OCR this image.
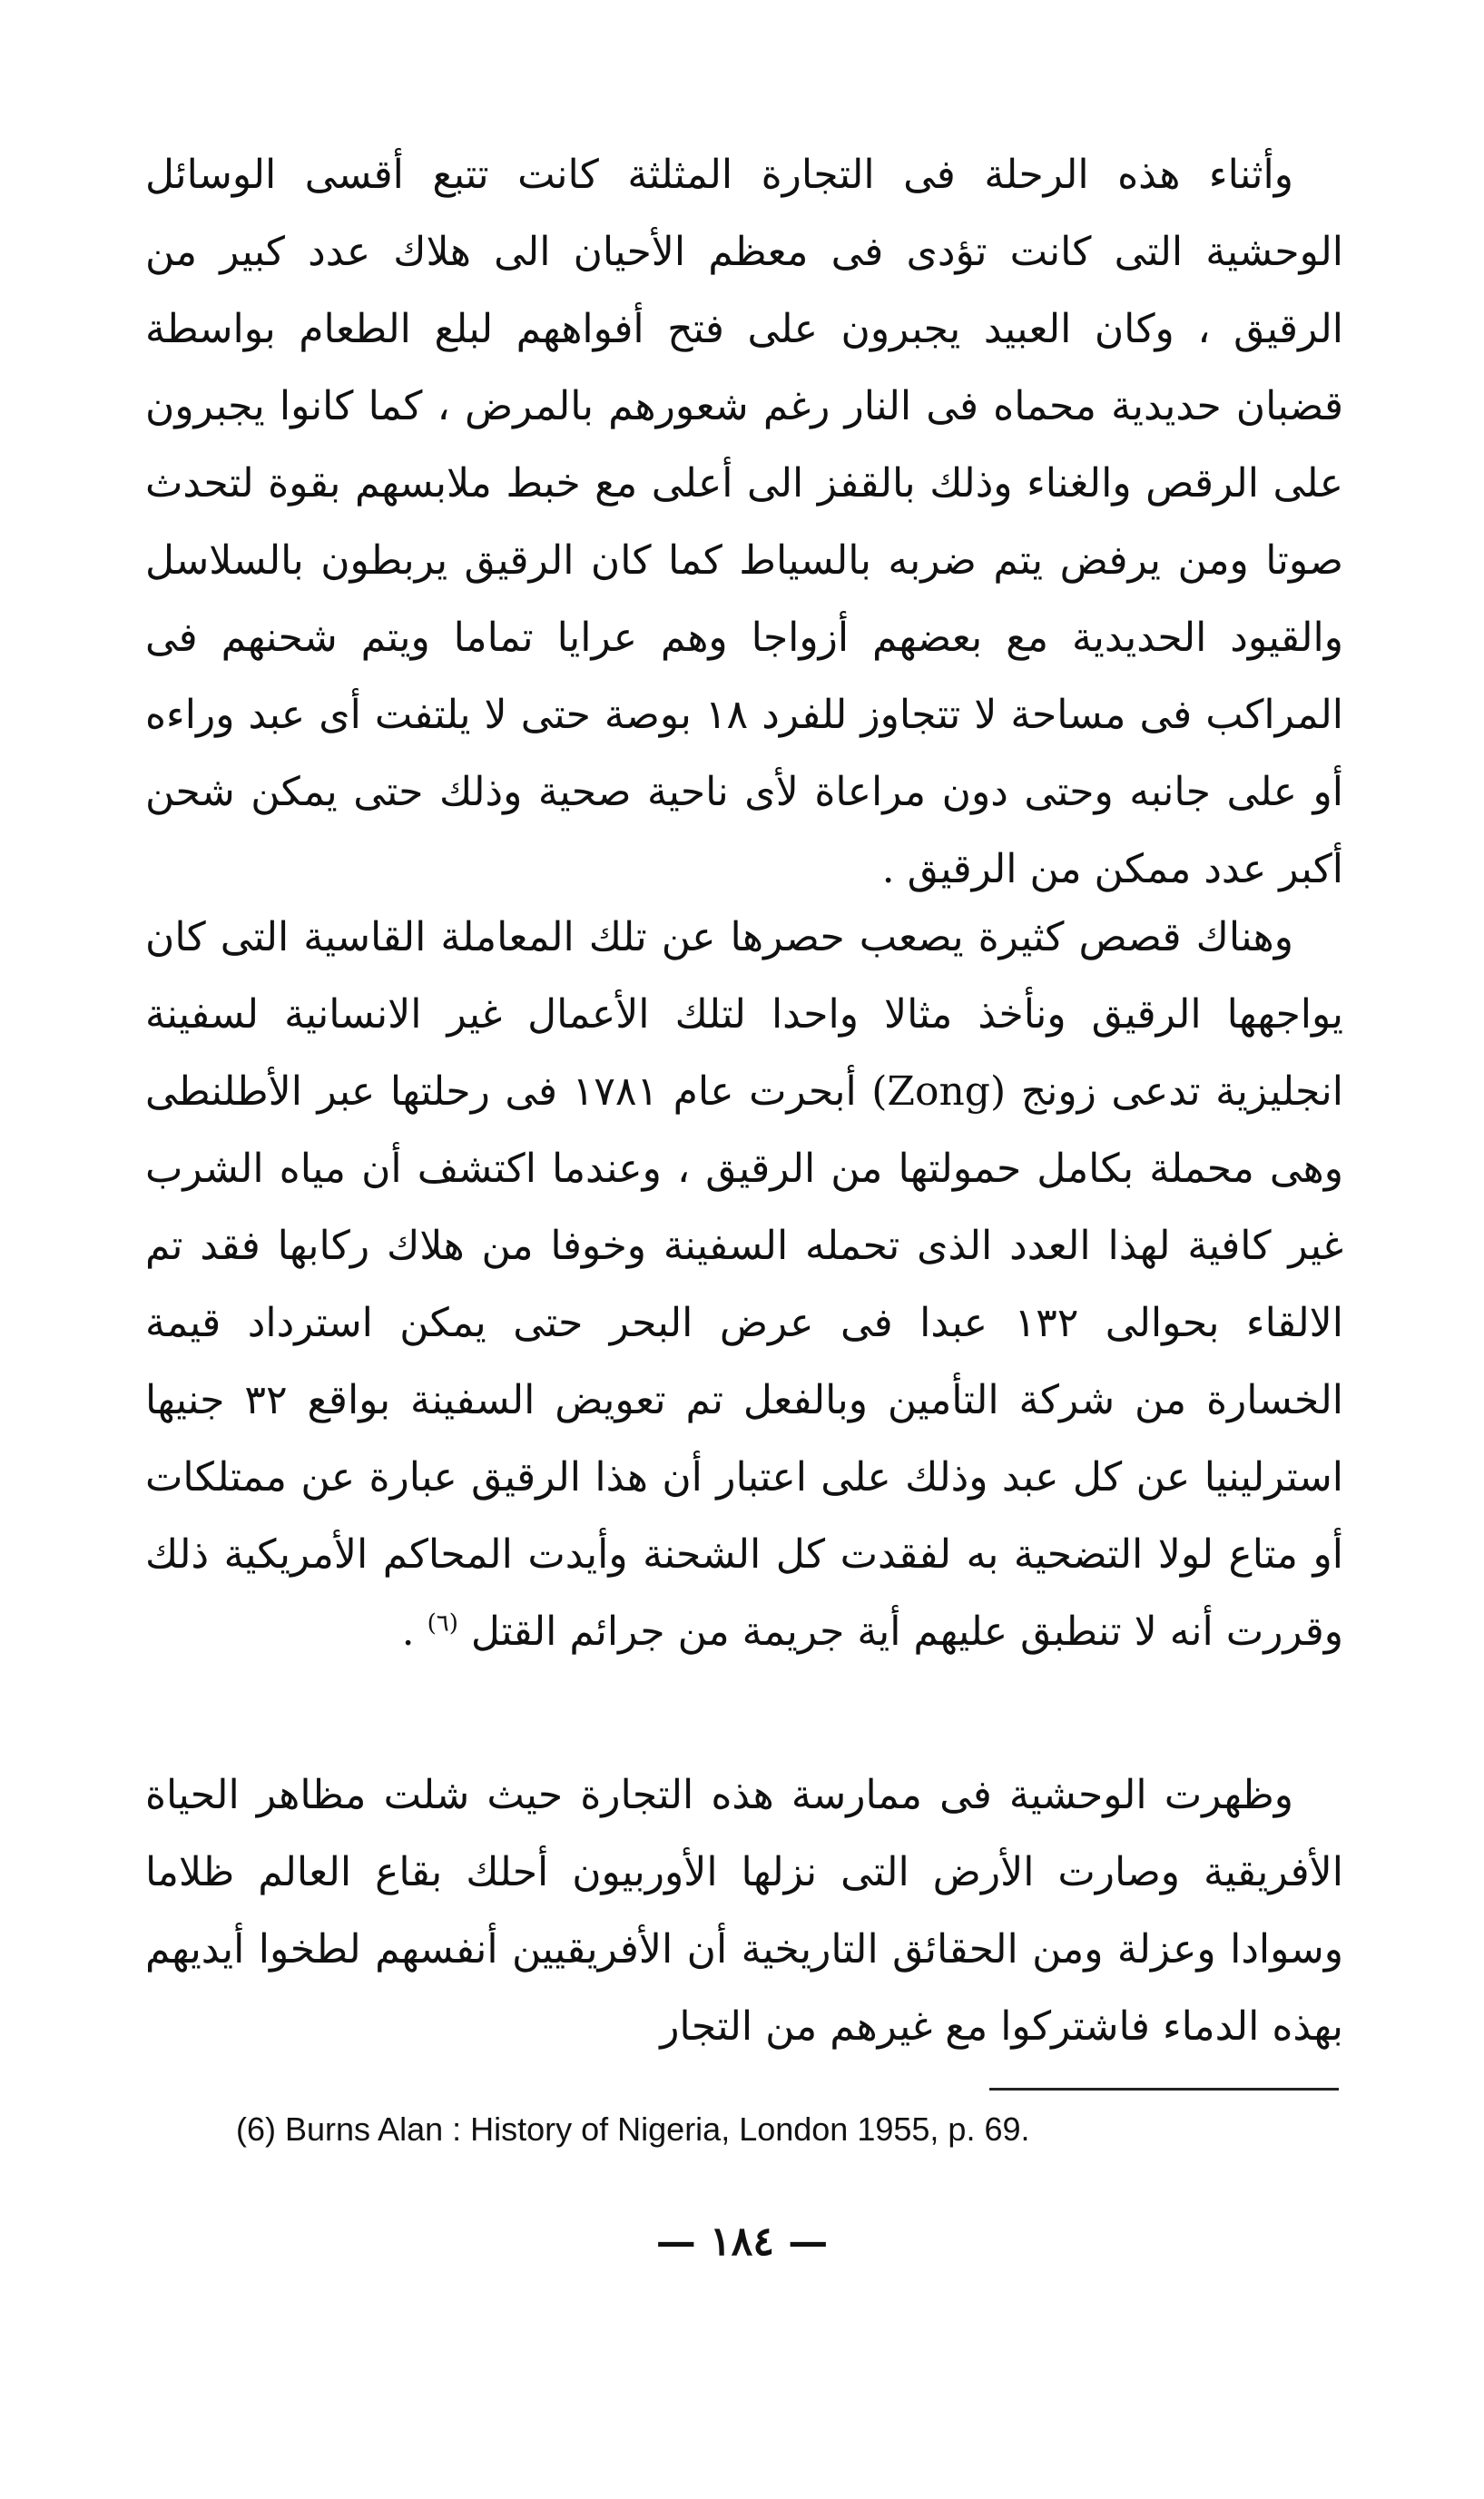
وأثناء هذه الرحلة فى التجارة المثلثة كانت تتبع أقسى الوسائل الوحشية التى كانت تؤدى فى معظم الأحيان الى هلاك عدد كبير من الرقيق ، وكان العبيد يجبرون على فتح أفواههم لبلع الطعام بواسطة قضبان حديدية محماه فى النار رغم شعورهم بالمرض ، كما كانوا يجبرون على الرقص والغناء وذلك بالقفز الى أعلى مع خبط ملابسهم بقوة لتحدث صوتا ومن يرفض يتم ضربه بالسياط كما كان الرقيق يربطون بالسلاسل والقيود الحديدية مع بعضهم أزواجا وهم عرايا تماما ويتم شحنهم فى المراكب فى مساحة لا تتجاوز للفرد ١٨ بوصة حتى لا يلتفت أى عبد وراءه أو على جانبه وحتى دون مراعاة لأى ناحية صحية وذلك حتى يمكن شحن أكبر عدد ممكن من الرقيق .

وهناك قصص كثيرة يصعب حصرها عن تلك المعاملة القاسية التى كان يواجهها الرقيق ونأخذ مثالا واحدا لتلك الأعمال غير الانسانية لسفينة انجليزية تدعى زونج (Zong) أبحرت عام ١٧٨١ فى رحلتها عبر الأطلنطى وهى محملة بكامل حمولتها من الرقيق ، وعندما اكتشف أن مياه الشرب غير كافية لهذا العدد الذى تحمله السفينة وخوفا من هلاك ركابها فقد تم الالقاء بحوالى ١٣٢ عبدا فى عرض البحر حتى يمكن استرداد قيمة الخسارة من شركة التأمين وبالفعل تم تعويض السفينة بواقع ٣٢ جنيها استرلينيا عن كل عبد وذلك على اعتبار أن هذا الرقيق عبارة عن ممتلكات أو متاع لولا التضحية به لفقدت كل الشحنة وأيدت المحاكم الأمريكية ذلك وقررت أنه لا تنطبق عليهم أية جريمة من جرائم القتل $^{(٦)}$ .

وظهرت الوحشية فى ممارسة هذه التجارة حيث شلت مظاهر الحياة الأفريقية وصارت الأرض التى نزلها الأوربيون أحلك بقاع العالم ظلاما وسوادا وعزلة ومن الحقائق التاريخية أن الأفريقيين أنفسهم لطخوا أيديهم بهذه الدماء فاشتركوا مع غيرهم من التجار

(6) Burns Alan : History of Nigeria, London 1955, p. 69.
— ١٨٤ —
